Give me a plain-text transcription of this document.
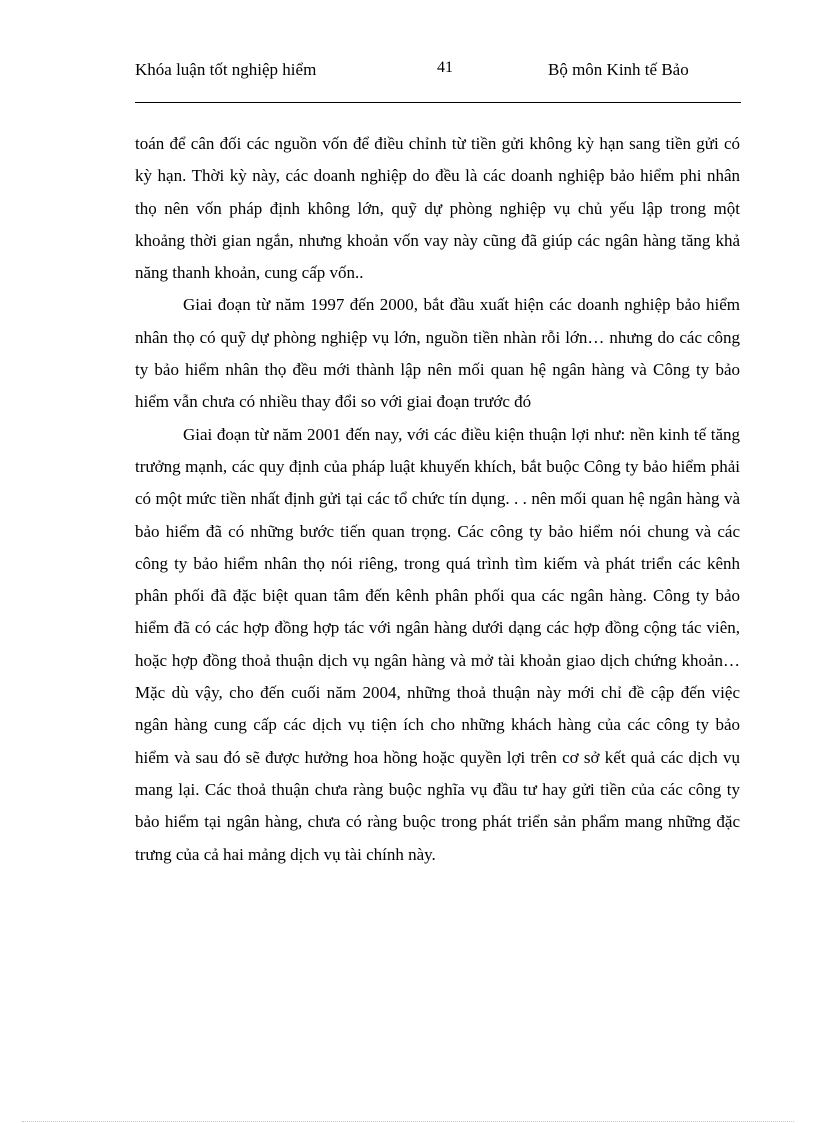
Khóa luận tốt nghiệp hiểm	41	Bộ môn Kinh tế Bảo

toán để cân đối các nguồn vốn để điều chỉnh từ tiền gửi không kỳ hạn sang tiền gửi có kỳ hạn. Thời kỳ này, các doanh nghiệp do đều là các doanh nghiệp bảo hiểm phi nhân thọ nên vốn pháp định không lớn, quỹ dự phòng nghiệp vụ chủ yếu lập trong một khoảng thời gian ngắn, nhưng khoản vốn vay này cũng đã giúp các ngân hàng tăng khả năng thanh khoản, cung cấp vốn..

Giai đoạn từ năm 1997 đến 2000, bắt đầu xuất hiện các doanh nghiệp bảo hiểm nhân thọ có quỹ dự phòng nghiệp vụ lớn, nguồn tiền nhàn rỗi lớn… nhưng do các công ty bảo hiểm nhân thọ đều mới thành lập nên mối quan hệ ngân hàng và Công ty bảo hiểm vẫn chưa có nhiều thay đổi so với giai đoạn trước đó

Giai đoạn từ năm 2001 đến nay, với các điều kiện thuận lợi như: nền kinh tế tăng trưởng mạnh, các quy định của pháp luật khuyến khích, bắt buộc Công ty bảo hiểm phải có một mức tiền nhất định gửi tại các tổ chức tín dụng. . . nên mối quan hệ ngân hàng và bảo hiểm đã có những bước tiến quan trọng. Các công ty bảo hiểm nói chung và các công ty bảo hiểm nhân thọ nói riêng, trong quá trình tìm kiếm và phát triển các kênh phân phối đã đặc biệt quan tâm đến kênh phân phối qua các ngân hàng. Công ty bảo hiểm đã có các hợp đồng hợp tác với ngân hàng dưới dạng các hợp đồng cộng tác viên, hoặc hợp đồng thoả thuận dịch vụ ngân hàng và mở tài khoản giao dịch chứng khoản… Mặc dù vậy, cho đến cuối năm 2004, những thoả thuận này mới chỉ đề cập đến việc ngân hàng cung cấp các dịch vụ tiện ích cho những khách hàng của các công ty bảo hiểm và sau đó sẽ được hưởng hoa hồng hoặc quyền lợi trên cơ sở kết quả các dịch vụ mang lại. Các thoả thuận chưa ràng buộc nghĩa vụ đầu tư hay gửi tiền của các công ty bảo hiểm tại ngân hàng, chưa có ràng buộc trong phát triển sản phẩm mang những đặc trưng của cả hai mảng dịch vụ tài chính này.
